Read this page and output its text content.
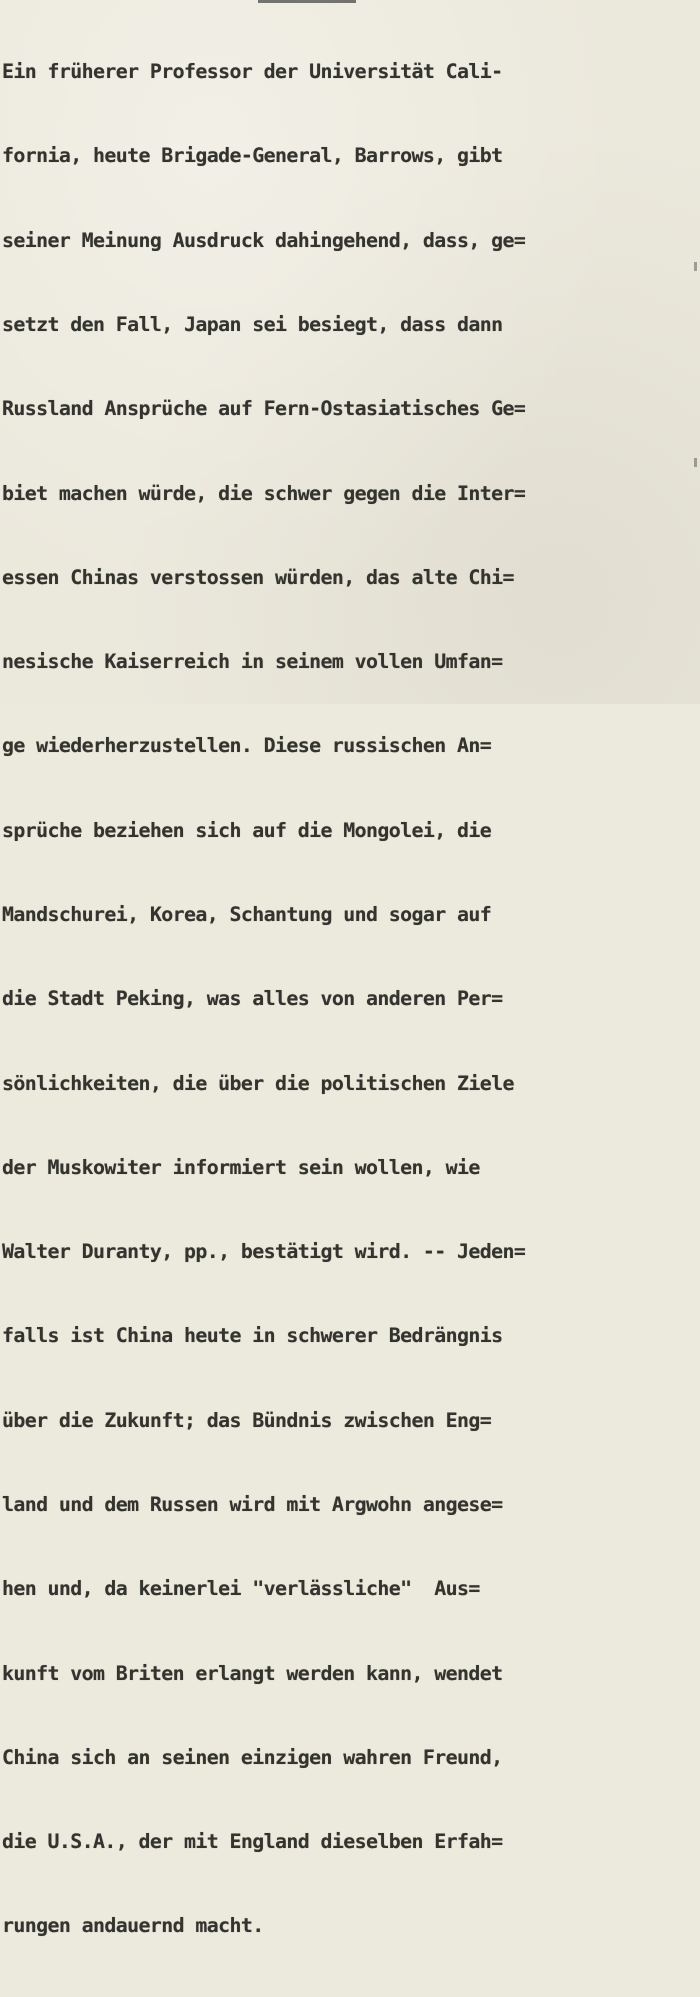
Ein früherer Professor der Universität Cali-

fornia, heute Brigade-General, Barrows, gibt

seiner Meinung Ausdruck dahingehend, dass, ge=

setzt den Fall, Japan sei besiegt, dass dann

Russland Ansprüche auf Fern-Ostasiatisches Ge=

biet machen würde, die schwer gegen die Inter=

essen Chinas verstossen würden, das alte Chi=

nesische Kaiserreich in seinem vollen Umfan=

ge wiederherzustellen. Diese russischen An=

sprüche beziehen sich auf die Mongolei, die

Mandschurei, Korea, Schantung und sogar auf

die Stadt Peking, was alles von anderen Per=

sönlichkeiten, die über die politischen Ziele

der Muskowiter informiert sein wollen, wie

Walter Duranty, pp., bestätigt wird. -- Jeden=

falls ist China heute in schwerer Bedrängnis

über die Zukunft; das Bündnis zwischen Eng=

land und dem Russen wird mit Argwohn angese=

hen und, da keinerlei "verlässliche"  Aus=

kunft vom Briten erlangt werden kann, wendet

China sich an seinen einzigen wahren Freund,

die U.S.A., der mit England dieselben Erfah=

rungen andauernd macht.
